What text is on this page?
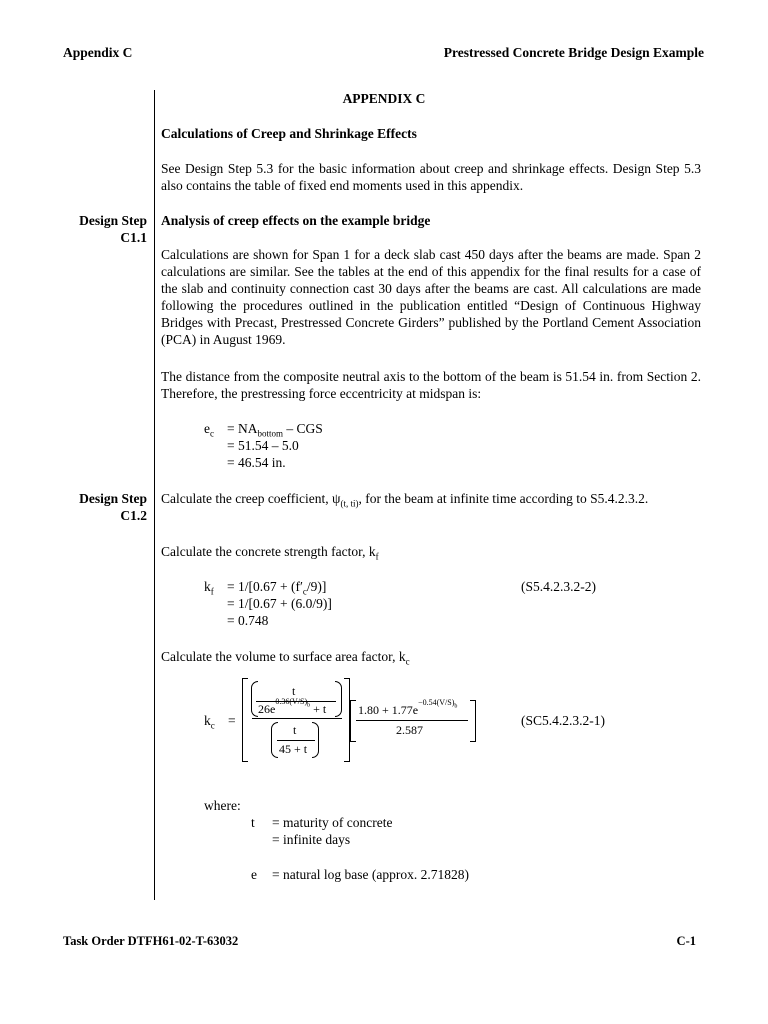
Appendix C	Prestressed Concrete Bridge Design Example
APPENDIX C
Calculations of Creep and Shrinkage Effects
See Design Step 5.3 for the basic information about creep and shrinkage effects. Design Step 5.3 also contains the table of fixed end moments used in this appendix.
Design Step
C1.1
Analysis of creep effects on the example bridge
Calculations are shown for Span 1 for a deck slab cast 450 days after the beams are made. Span 2 calculations are similar. See the tables at the end of this appendix for the final results for a case of the slab and continuity connection cast 30 days after the beams are cast. All calculations are made following the procedures outlined in the publication entitled “Design of Continuous Highway Bridges with Precast, Prestressed Concrete Girders” published by the Portland Cement Association (PCA) in August 1969.
The distance from the composite neutral axis to the bottom of the beam is 51.54 in. from Section 2. Therefore, the prestressing force eccentricity at midspan is:
$e_c = NA_{bottom}$ – CGS
= 51.54 – 5.0
= 46.54 in.
Design Step
C1.2
Calculate the creep coefficient, $\psi_{(t, ti)}$, for the beam at infinite time according to S5.4.2.3.2.
Calculate the concrete strength factor, $k_f$
$k_f = 1/[0.67 + (f'_c/9)]$	(S5.4.2.3.2-2)
= 1/[0.67 + (6.0/9)]
= 0.748
Calculate the volume to surface area factor, $k_c$
$k_c$ =
t
$26e^{0.36(V/S)_b} + t$
t
45 + t
$1.80 + 1.77e^{-0.54(V/S)_b}$
2.587
(SC5.4.2.3.2-1)
where:
t = maturity of concrete
= infinite days
e = natural log base (approx. 2.71828)
Task Order DTFH61-02-T-63032	C-1
